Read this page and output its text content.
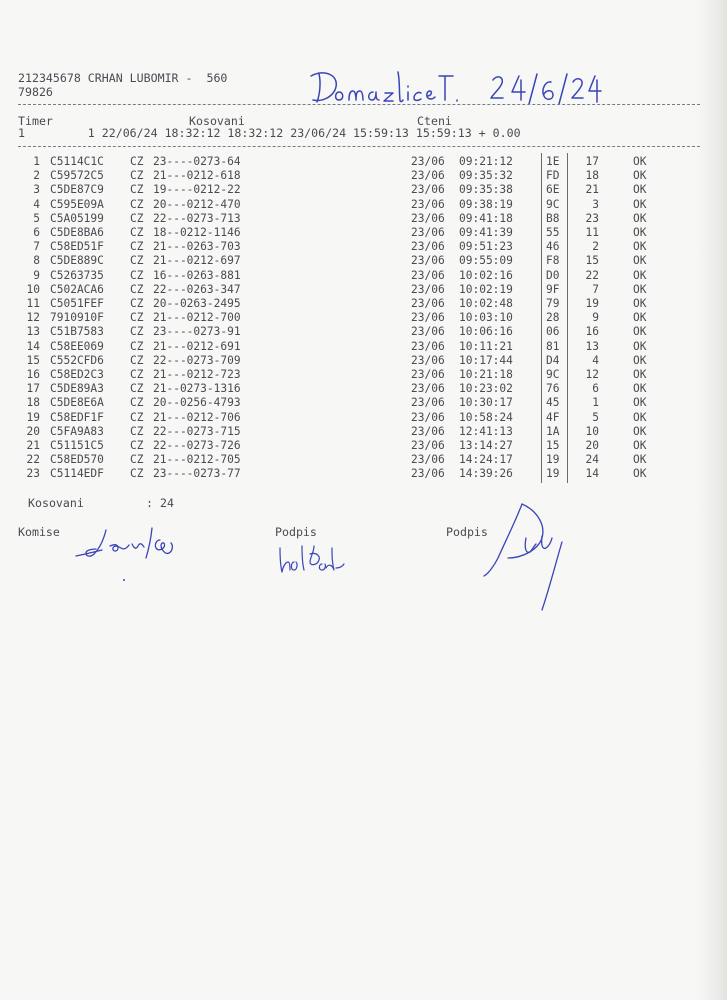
212345678 CRHAN LUBOMIR -  560
79826
Timer	Kosovani	Cteni
1         1 22/06/24 18:32:12 18:32:12 23/06/24 15:59:13 15:59:13 + 0.00

1 C5114C1C CZ 23----0273-64	23/06 09:21:12	1E	17	OK

2 C59572C5 CZ 21---0212-618	23/06 09:35:32	FD	18	OK

3 C5DE87C9 CZ 19----0212-22	23/06 09:35:38	6E	21	OK

4 C595E09A CZ 20---0212-470	23/06 09:38:19	9C	3	OK

5 C5A05199 CZ 22---0273-713	23/06 09:41:18	B8	23	OK

6 C5DE8BA6 CZ 18--0212-1146	23/06 09:41:39	55	11	OK

7 C58ED51F CZ 21---0263-703	23/06 09:51:23	46	2	OK

8 C5DE889C CZ 21---0212-697	23/06 09:55:09	F8	15	OK

9 C5263735 CZ 16---0263-881	23/06 10:02:16	D0	22	OK

10 C502ACA6 CZ 22---0263-347	23/06 10:02:19	9F	7	OK

11 C5051FEF CZ 20--0263-2495	23/06 10:02:48	79	19	OK

12 7910910F CZ 21---0212-700	23/06 10:03:10	28	9	OK

13 C51B7583 CZ 23----0273-91	23/06 10:06:16	06	16	OK

14 C58EE069 CZ 21---0212-691	23/06 10:11:21	81	13	OK

15 C552CFD6 CZ 22---0273-709	23/06 10:17:44	D4	4	OK

16 C58ED2C3 CZ 21---0212-723	23/06 10:21:18	9C	12	OK

17 C5DE89A3 CZ 21--0273-1316	23/06 10:23:02	76	6	OK

18 C5DE8E6A CZ 20--0256-4793	23/06 10:30:17	45	1	OK

19 C58EDF1F CZ 21---0212-706	23/06 10:58:24	4F	5	OK

20 C5FA9A83 CZ 22---0273-715	23/06 12:41:13	1A	10	OK

21 C51151C5 CZ 22---0273-726	23/06 13:14:27	15	20	OK

22 C58ED570 CZ 21---0212-705	23/06 14:24:17	19	24	OK

23 C5114EDF CZ 23----0273-77	23/06 14:39:26	19	14	OK

Kosovani	: 24
Komise	Podpis	Podpis
